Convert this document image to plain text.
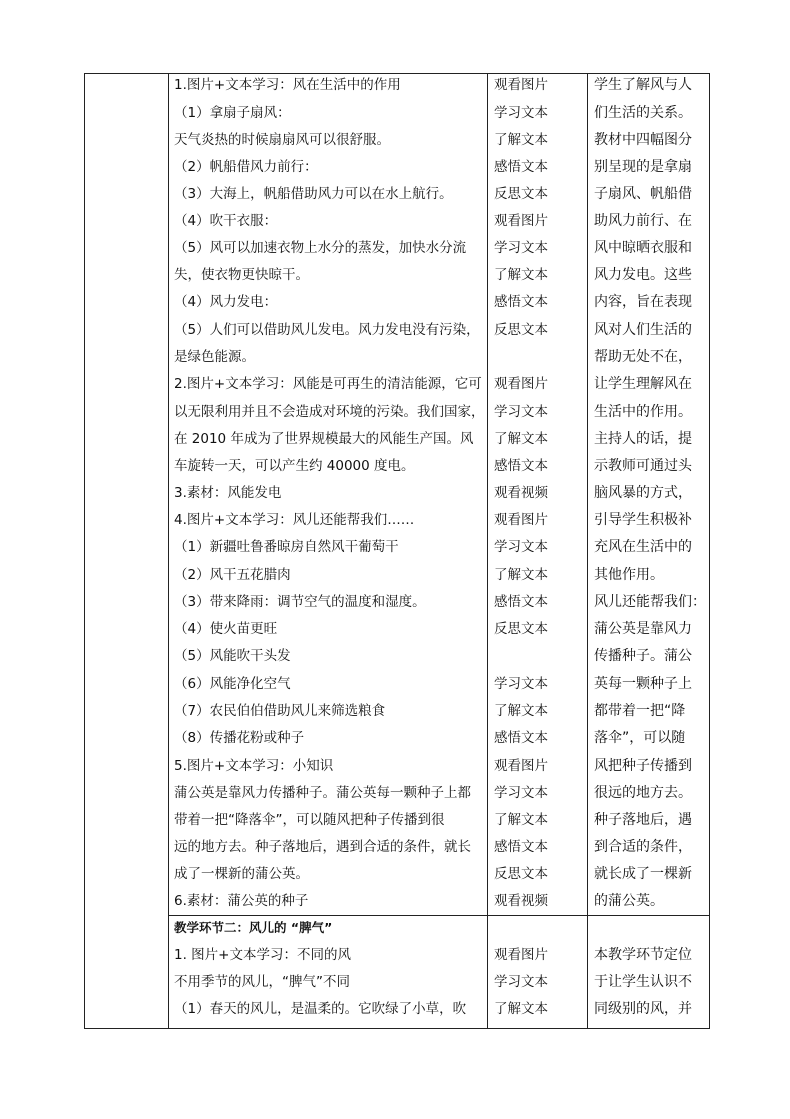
1.图片+文本学习：风在生活中的作用
（1）拿扇子扇风：
天气炎热的时候扇扇风可以很舒服。
（2）帆船借风力前行：
（3）大海上，帆船借助风力可以在水上航行。
（4）吹干衣服：
（5）风可以加速衣物上水分的蒸发，加快水分流
失，使衣物更快晾干。
（4）风力发电：
（5）人们可以借助风儿发电。风力发电没有污染，
是绿色能源。
2.图片+文本学习：风能是可再生的清洁能源，它可
以无限利用并且不会造成对环境的污染。我们国家，
在 2010 年成为了世界规模最大的风能生产国。风
车旋转一天，可以产生约 40000 度电。
3.素材：风能发电
4.图片+文本学习：风儿还能帮我们……
（1）新疆吐鲁番晾房自然风干葡萄干
（2）风干五花腊肉
（3）带来降雨：调节空气的温度和湿度。
（4）使火苗更旺
（5）风能吹干头发
（6）风能净化空气
（7）农民伯伯借助风儿来筛选粮食
（8）传播花粉或种子
5.图片+文本学习：小知识
蒲公英是靠风力传播种子。蒲公英每一颗种子上都
带着一把“降落伞”，可以随风把种子传播到很
远的地方去。种子落地后，遇到合适的条件，就长
成了一棵新的蒲公英。
6.素材：蒲公英的种子
教学环节二：风儿的 “脾气”
1. 图片+文本学习：不同的风
不用季节的风儿，“脾气”不同
（1）春天的风儿，是温柔的。它吹绿了小草，吹
观看图片
学习文本
了解文本
感悟文本
反思文本
观看图片
学习文本
了解文本
感悟文本
反思文本
观看图片
学习文本
了解文本
感悟文本
观看视频
观看图片
学习文本
了解文本
感悟文本
反思文本
学习文本
了解文本
感悟文本
观看图片
学习文本
了解文本
感悟文本
反思文本
观看视频
观看图片
学习文本
了解文本
学生了解风与人
们生活的关系。
教材中四幅图分
别呈现的是拿扇
子扇风、帆船借
助风力前行、在
风中晾晒衣服和
风力发电。这些
内容，旨在表现
风对人们生活的
帮助无处不在，
让学生理解风在
生活中的作用。
主持人的话，提
示教师可通过头
脑风暴的方式，
引导学生积极补
充风在生活中的
其他作用。
风儿还能帮我们：
蒲公英是靠风力
传播种子。蒲公
英每一颗种子上
都带着一把“降
落伞”，可以随
风把种子传播到
很远的地方去。
种子落地后，遇
到合适的条件，
就长成了一棵新
的蒲公英。
本教学环节定位
于让学生认识不
同级别的风，并
